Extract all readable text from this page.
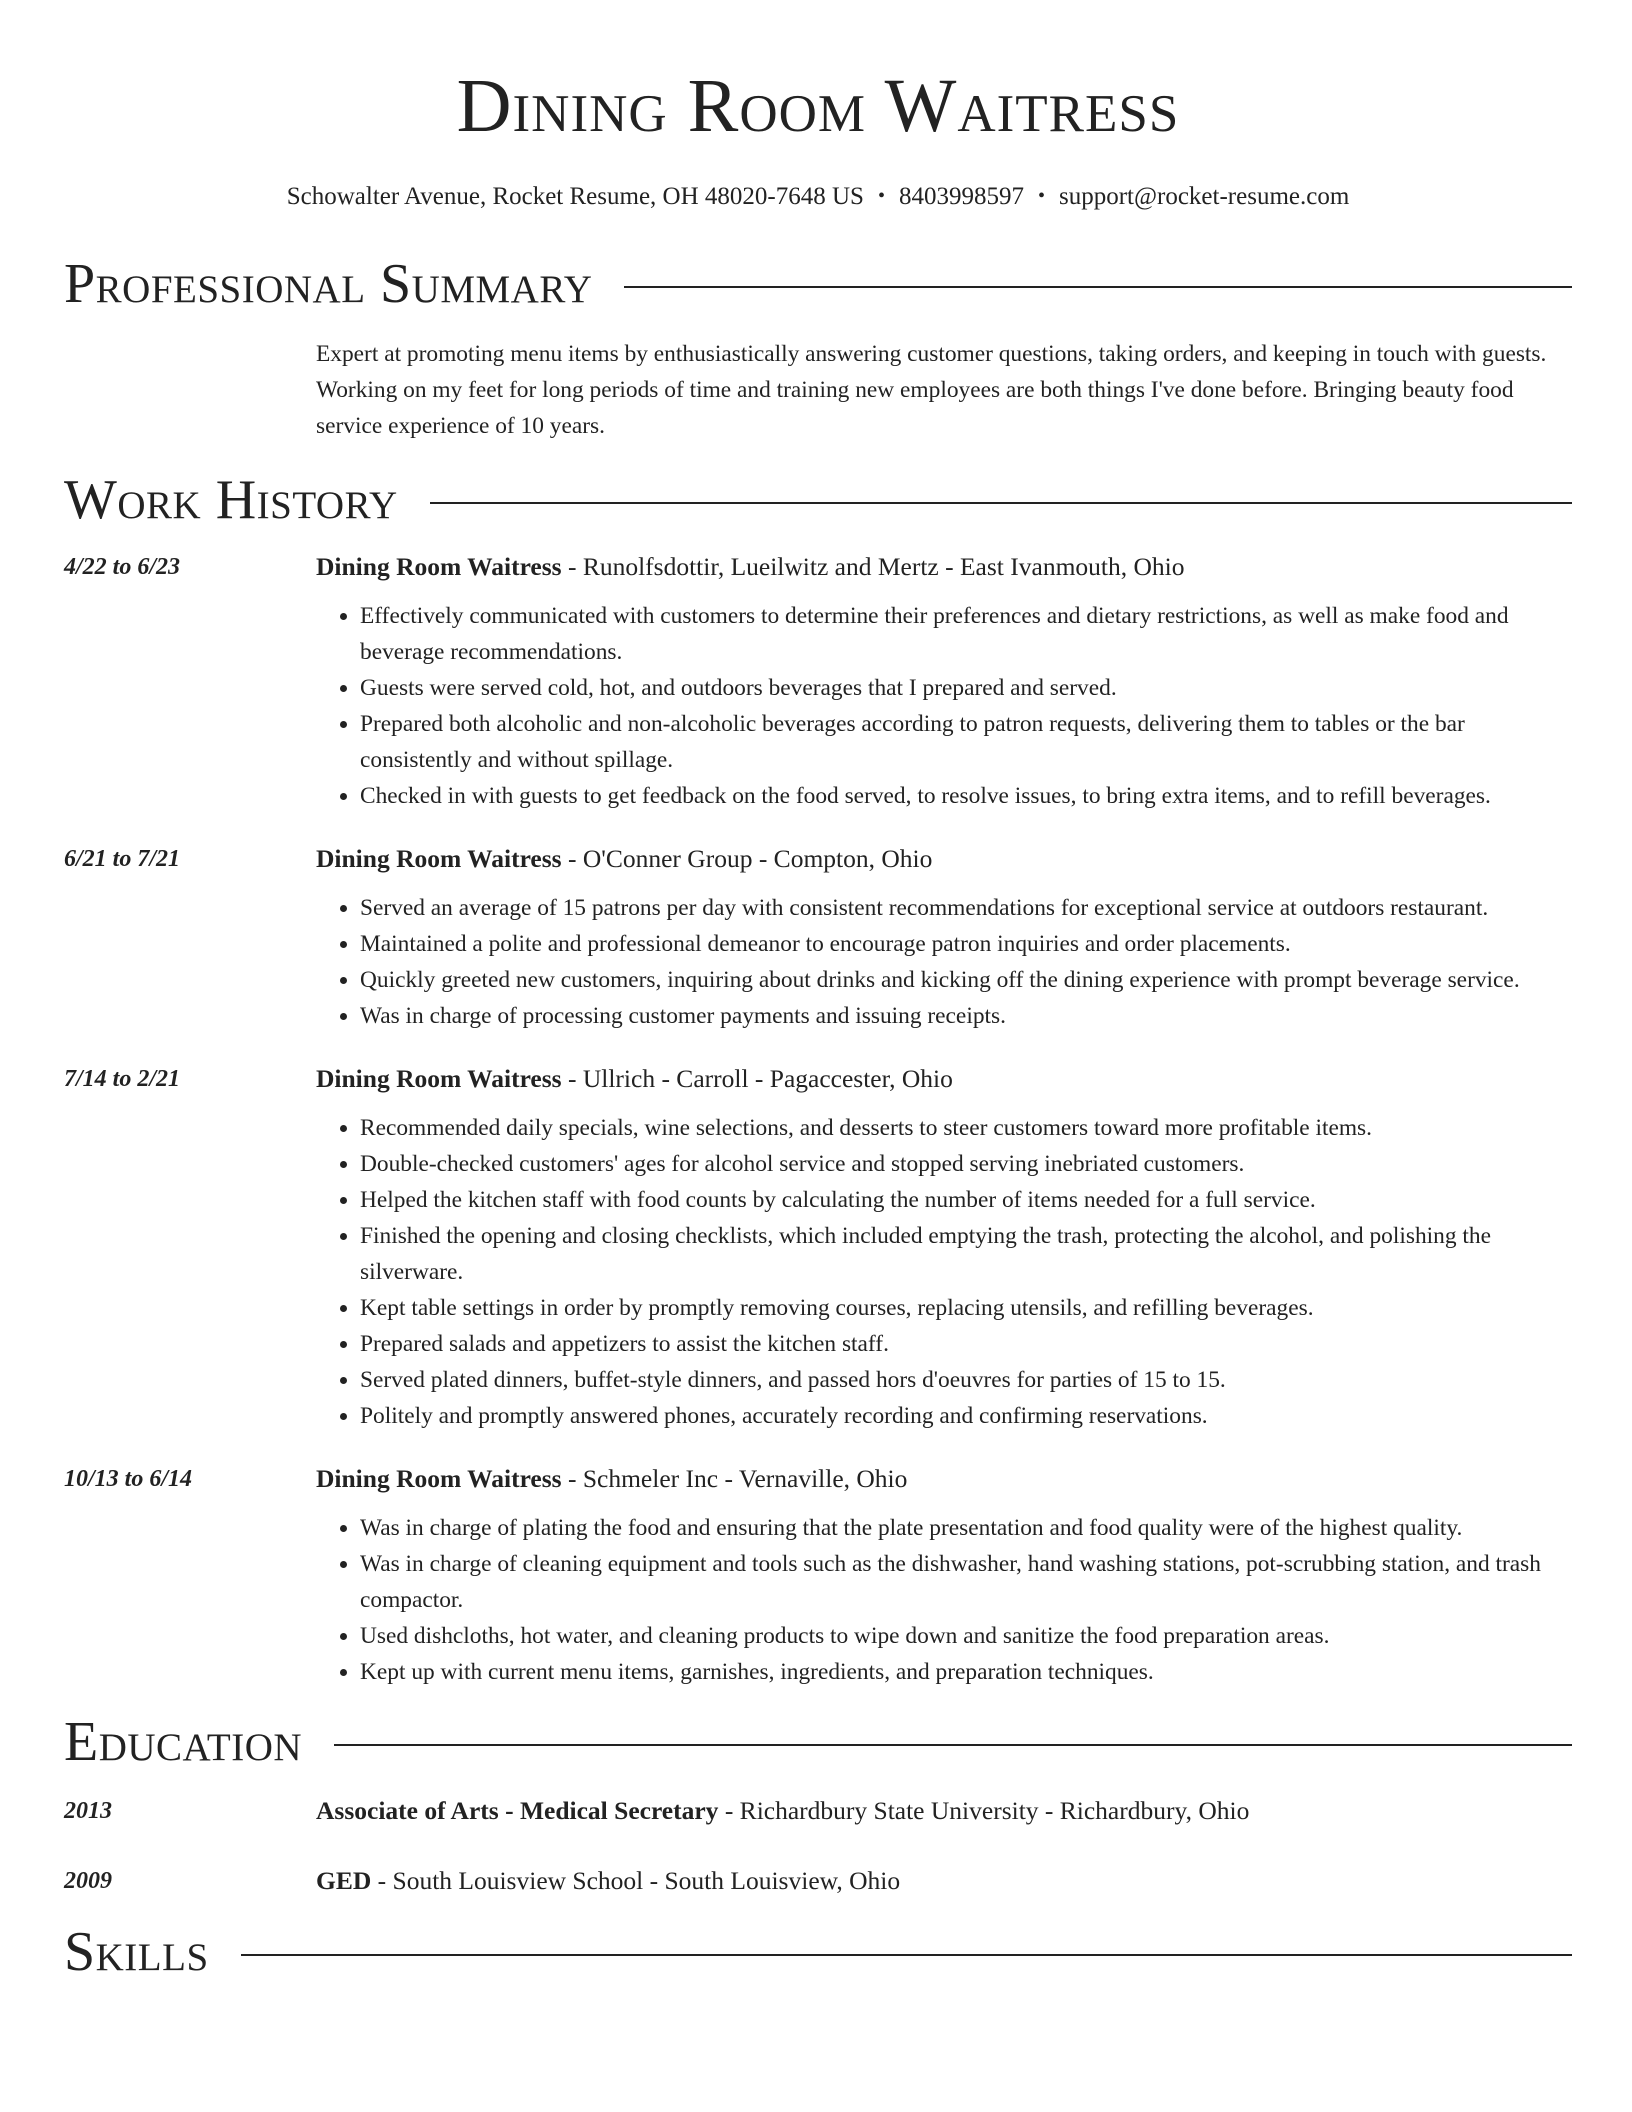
Dining Room Waitress
Schowalter Avenue, Rocket Resume, OH 48020-7648 US • 8403998597 • support@rocket-resume.com
Professional Summary
Expert at promoting menu items by enthusiastically answering customer questions, taking orders, and keeping in touch with guests. Working on my feet for long periods of time and training new employees are both things I've done before. Bringing beauty food service experience of 10 years.
Work History
4/22 to 6/23	Dining Room Waitress - Runolfsdottir, Lueilwitz and Mertz - East Ivanmouth, Ohio
• Effectively communicated with customers to determine their preferences and dietary restrictions, as well as make food and beverage recommendations.
• Guests were served cold, hot, and outdoors beverages that I prepared and served.
• Prepared both alcoholic and non-alcoholic beverages according to patron requests, delivering them to tables or the bar consistently and without spillage.
• Checked in with guests to get feedback on the food served, to resolve issues, to bring extra items, and to refill beverages.
6/21 to 7/21	Dining Room Waitress - O'Conner Group - Compton, Ohio
• Served an average of 15 patrons per day with consistent recommendations for exceptional service at outdoors restaurant.
• Maintained a polite and professional demeanor to encourage patron inquiries and order placements.
• Quickly greeted new customers, inquiring about drinks and kicking off the dining experience with prompt beverage service.
• Was in charge of processing customer payments and issuing receipts.
7/14 to 2/21	Dining Room Waitress - Ullrich - Carroll - Pagaccester, Ohio
• Recommended daily specials, wine selections, and desserts to steer customers toward more profitable items.
• Double-checked customers' ages for alcohol service and stopped serving inebriated customers.
• Helped the kitchen staff with food counts by calculating the number of items needed for a full service.
• Finished the opening and closing checklists, which included emptying the trash, protecting the alcohol, and polishing the silverware.
• Kept table settings in order by promptly removing courses, replacing utensils, and refilling beverages.
• Prepared salads and appetizers to assist the kitchen staff.
• Served plated dinners, buffet-style dinners, and passed hors d'oeuvres for parties of 15 to 15.
• Politely and promptly answered phones, accurately recording and confirming reservations.
10/13 to 6/14	Dining Room Waitress - Schmeler Inc - Vernaville, Ohio
• Was in charge of plating the food and ensuring that the plate presentation and food quality were of the highest quality.
• Was in charge of cleaning equipment and tools such as the dishwasher, hand washing stations, pot-scrubbing station, and trash compactor.
• Used dishcloths, hot water, and cleaning products to wipe down and sanitize the food preparation areas.
• Kept up with current menu items, garnishes, ingredients, and preparation techniques.
Education
2013	Associate of Arts - Medical Secretary - Richardbury State University - Richardbury, Ohio
2009	GED - South Louisview School - South Louisview, Ohio
Skills
